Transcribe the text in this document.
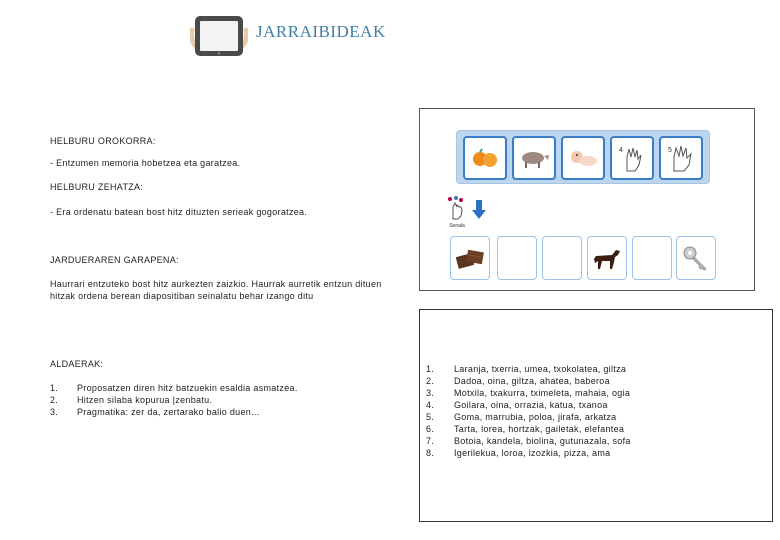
JARRAIBIDEAK
HELBURU OROKORRA:
- Entzumen memoria hobetzea eta garatzea.
HELBURU ZEHATZA:
- Era ordenatu batean bost hitz dituzten serieak gogoratzea.
JARDUERAREN GARAPENA:
Haurrari entzuteko bost hitz aurkezten zaizkio. Haurrak aurretik entzun dituen
hitzak ordena berean diapositiban seinalatu behar izango ditu
ALDAERAK:
1.	Proposatzen diren hitz batzuekin esaldia asmatzea.
2.	Hitzen silaba kopurua |zenbatu.
3.	Pragmatika: zer da, zertarako balio duen...
4	5
Senala
1.	Laranja, txerria, umea, txokolatea, giltza
2.	Dadoa, oina, giltza, ahatea, baberoa
3.	Motxila, txakurra, tximeleta, mahaia, ogia
4.	Goilara, oina, orrazia, katua, txanoa
5.	Goma, marrubia, poloa, jirafa, arkatza
6.	Tarta, lorea, hortzak, gailetak, elefantea
7.	Botoia, kandela, biolina, gutunazala, sofa
8.	Igerilekua, loroa, izozkia, pizza, ama
